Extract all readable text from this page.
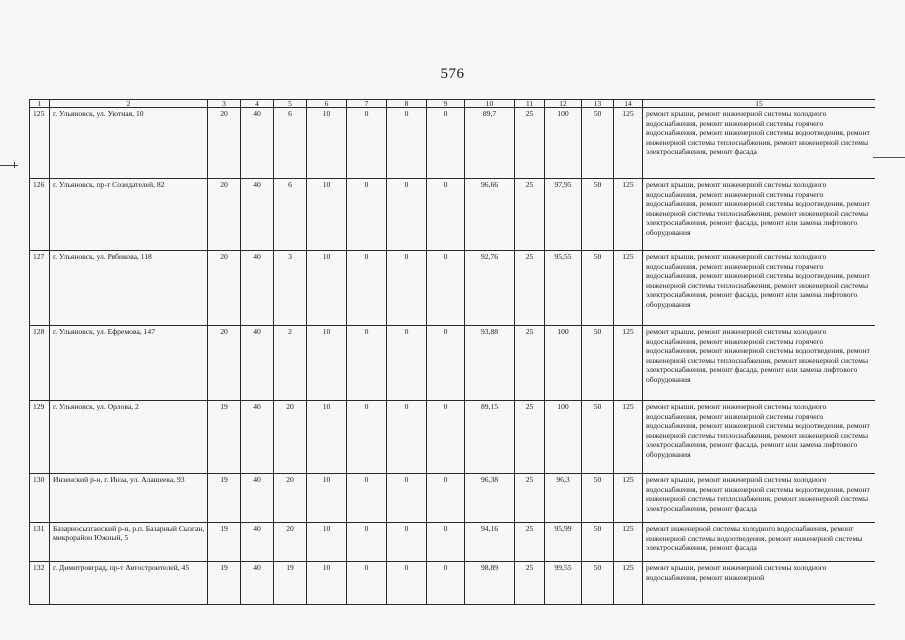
576
1	2	3	4	5	6	7	8	9	10	11	12	13	14	15
125	г. Ульяновск, ул. Уютная, 10	20	40	6	10	0	0	0	89,7	25	100	50	125	ремонт крыши, ремонт инженерной системы холодного водоснабжения, ремонт инженерной системы горячего водоснабжения, ремонт инженерной системы водоотведения, ремонт инженерной системы теплоснабжения, ремонт инженерной системы электроснабжения, ремонт фасада
126	г. Ульяновск, пр-т Созидателей, 82	20	40	6	10	0	0	0	96,66	25	97,95	50	125	ремонт крыши, ремонт инженерной системы холодного водоснабжения, ремонт инженерной системы горячего водоснабжения, ремонт инженерной системы водоотведения, ремонт инженерной системы теплоснабжения, ремонт инженерной системы электроснабжения, ремонт фасада, ремонт или замена лифтового оборудования
127	г. Ульяновск, ул. Рябикова, 118	20	40	3	10	0	0	0	92,76	25	95,55	50	125	ремонт крыши, ремонт инженерной системы холодного водоснабжения, ремонт инженерной системы горячего водоснабжения, ремонт инженерной системы водоотведения, ремонт инженерной системы теплоснабжения, ремонт инженерной системы электроснабжения, ремонт фасада, ремонт или замена лифтового оборудования
128	г. Ульяновск, ул. Ефремова, 147	20	40	2	10	0	0	0	93,88	25	100	50	125	ремонт крыши, ремонт инженерной системы холодного водоснабжения, ремонт инженерной системы горячего водоснабжения, ремонт инженерной системы водоотведения, ремонт инженерной системы теплоснабжения, ремонт инженерной системы электроснабжения, ремонт фасада, ремонт или замена лифтового оборудования
129	г. Ульяновск, ул. Орлова, 2	19	40	20	10	0	0	0	89,15	25	100	50	125	ремонт крыши, ремонт инженерной системы холодного водоснабжения, ремонт инженерной системы горячего водоснабжения, ремонт инженерной системы водоотведения, ремонт инженерной системы теплоснабжения, ремонт инженерной системы электроснабжения, ремонт фасада, ремонт или замена лифтового оборудования
130	Инзенский р-н, г. Инза, ул. Алашеева, 93	19	40	20	10	0	0	0	96,38	25	96,3	50	125	ремонт крыши, ремонт инженерной системы холодного водоснабжения, ремонт инженерной системы водоотведения, ремонт инженерной системы теплоснабжения, ремонт инженерной системы электроснабжения, ремонт фасада
131	Базарносызганский р-н, р.п. Базарный Сызган, микрорайон Южный, 5	19	40	20	10	0	0	0	94,16	25	95,99	50	125	ремонт инженерной системы холодного водоснабжения, ремонт инженерной системы водоотведения, ремонт инженерной системы электроснабжения, ремонт фасада
132	г. Димитровград, пр-т Автостроителей, 45	19	40	19	10	0	0	0	98,89	25	99,55	50	125	ремонт крыши, ремонт инженерной системы холодного водоснабжения, ремонт инженерной
